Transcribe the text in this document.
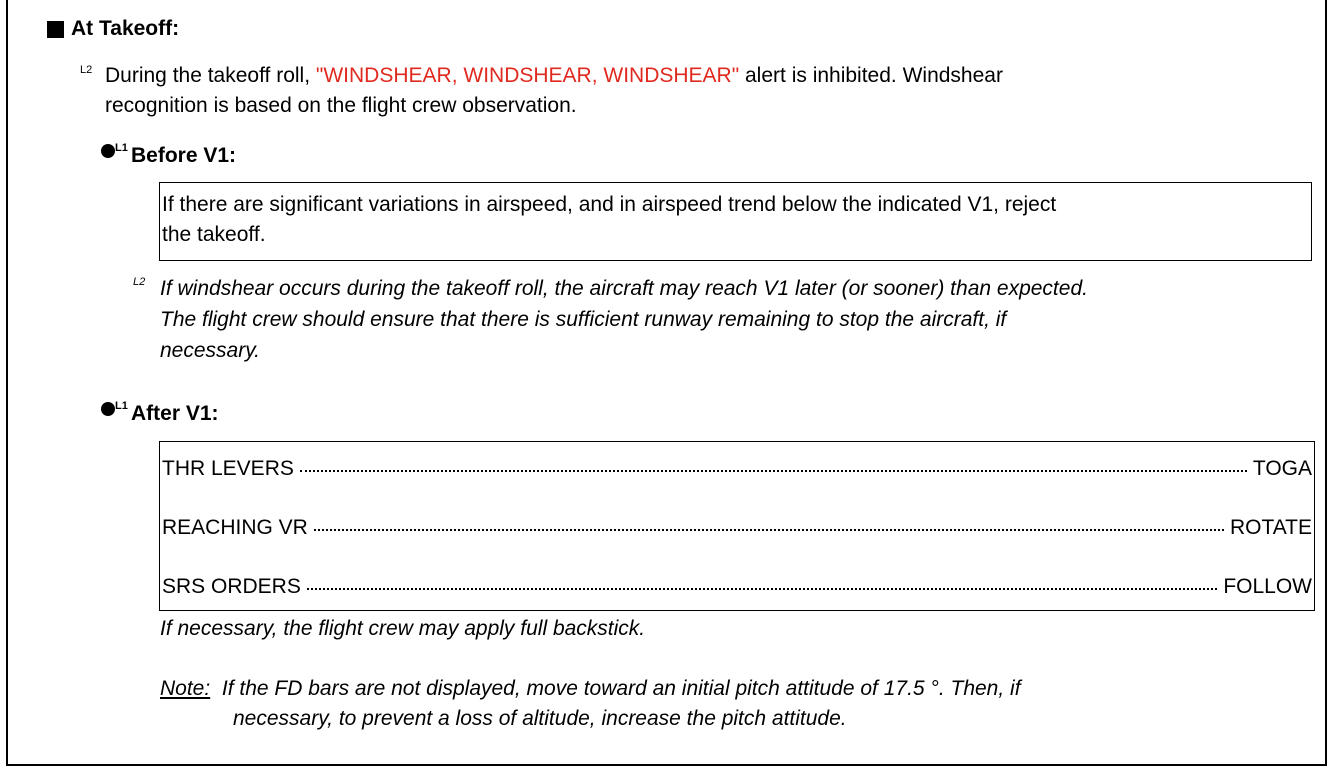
At Takeoff:
L2 During the takeoff roll, "WINDSHEAR, WINDSHEAR, WINDSHEAR" alert is inhibited. Windshear
recognition is based on the flight crew observation.
L1 Before V1:
If there are significant variations in airspeed, and in airspeed trend below the indicated V1, reject
the takeoff.
L2 If windshear occurs during the takeoff roll, the aircraft may reach V1 later (or sooner) than expected.
The flight crew should ensure that there is sufficient runway remaining to stop the aircraft, if
necessary.
L1 After V1:
THR LEVERS	TOGA
REACHING VR	ROTATE
SRS ORDERS	FOLLOW
If necessary, the flight crew may apply full backstick.
Note: If the FD bars are not displayed, move toward an initial pitch attitude of 17.5 °. Then, if
necessary, to prevent a loss of altitude, increase the pitch attitude.
